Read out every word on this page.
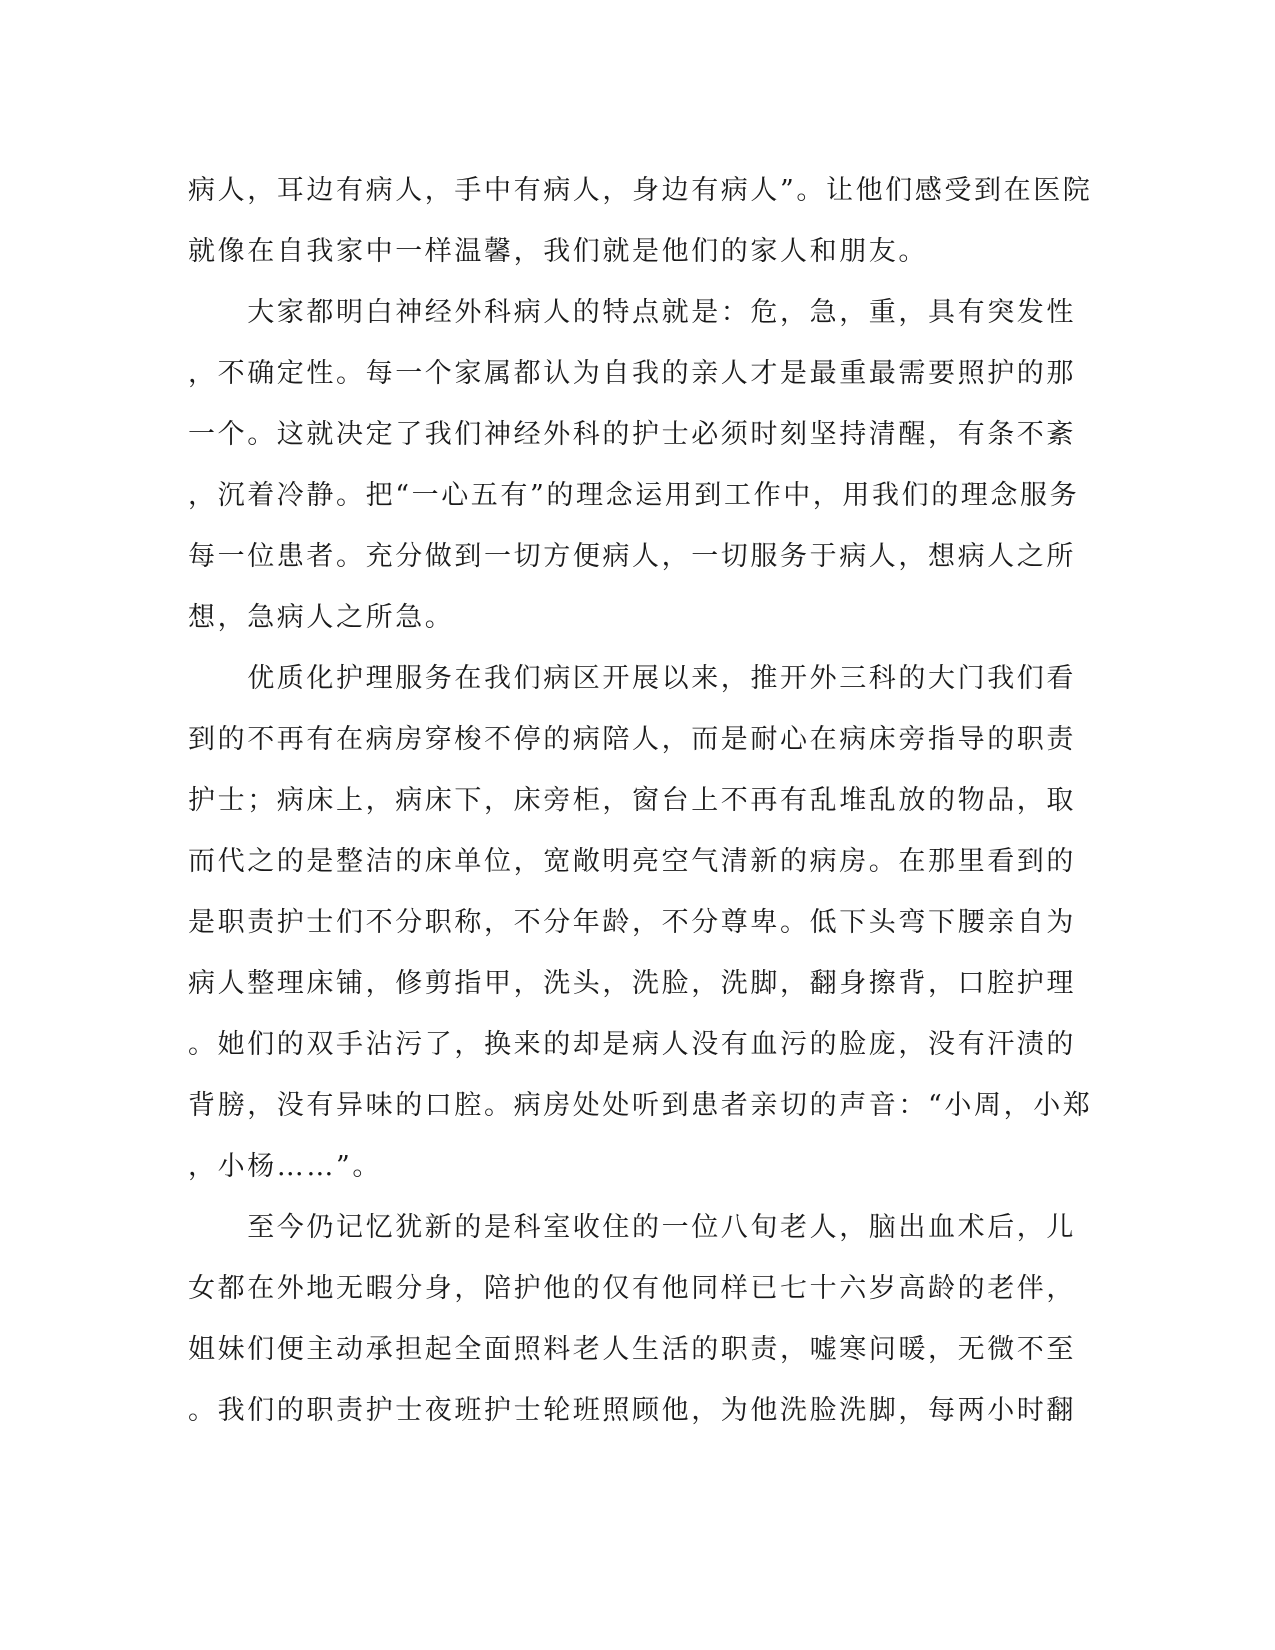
病人，耳边有病人，手中有病人，身边有病人”。让他们感受到在医院
就像在自我家中一样温馨，我们就是他们的家人和朋友。
　　大家都明白神经外科病人的特点就是：危，急，重，具有突发性
，不确定性。每一个家属都认为自我的亲人才是最重最需要照护的那
一个。这就决定了我们神经外科的护士必须时刻坚持清醒，有条不紊
，沉着冷静。把“一心五有”的理念运用到工作中，用我们的理念服务
每一位患者。充分做到一切方便病人，一切服务于病人，想病人之所
想，急病人之所急。
　　优质化护理服务在我们病区开展以来，推开外三科的大门我们看
到的不再有在病房穿梭不停的病陪人，而是耐心在病床旁指导的职责
护士；病床上，病床下，床旁柜，窗台上不再有乱堆乱放的物品，取
而代之的是整洁的床单位，宽敞明亮空气清新的病房。在那里看到的
是职责护士们不分职称，不分年龄，不分尊卑。低下头弯下腰亲自为
病人整理床铺，修剪指甲，洗头，洗脸，洗脚，翻身擦背，口腔护理
。她们的双手沾污了，换来的却是病人没有血污的脸庞，没有汗渍的
背膀，没有异味的口腔。病房处处听到患者亲切的声音：“小周，小郑
，小杨……”。
　　至今仍记忆犹新的是科室收住的一位八旬老人，脑出血术后，儿
女都在外地无暇分身，陪护他的仅有他同样已七十六岁高龄的老伴，
姐妹们便主动承担起全面照料老人生活的职责，嘘寒问暖，无微不至
。我们的职责护士夜班护士轮班照顾他，为他洗脸洗脚，每两小时翻
